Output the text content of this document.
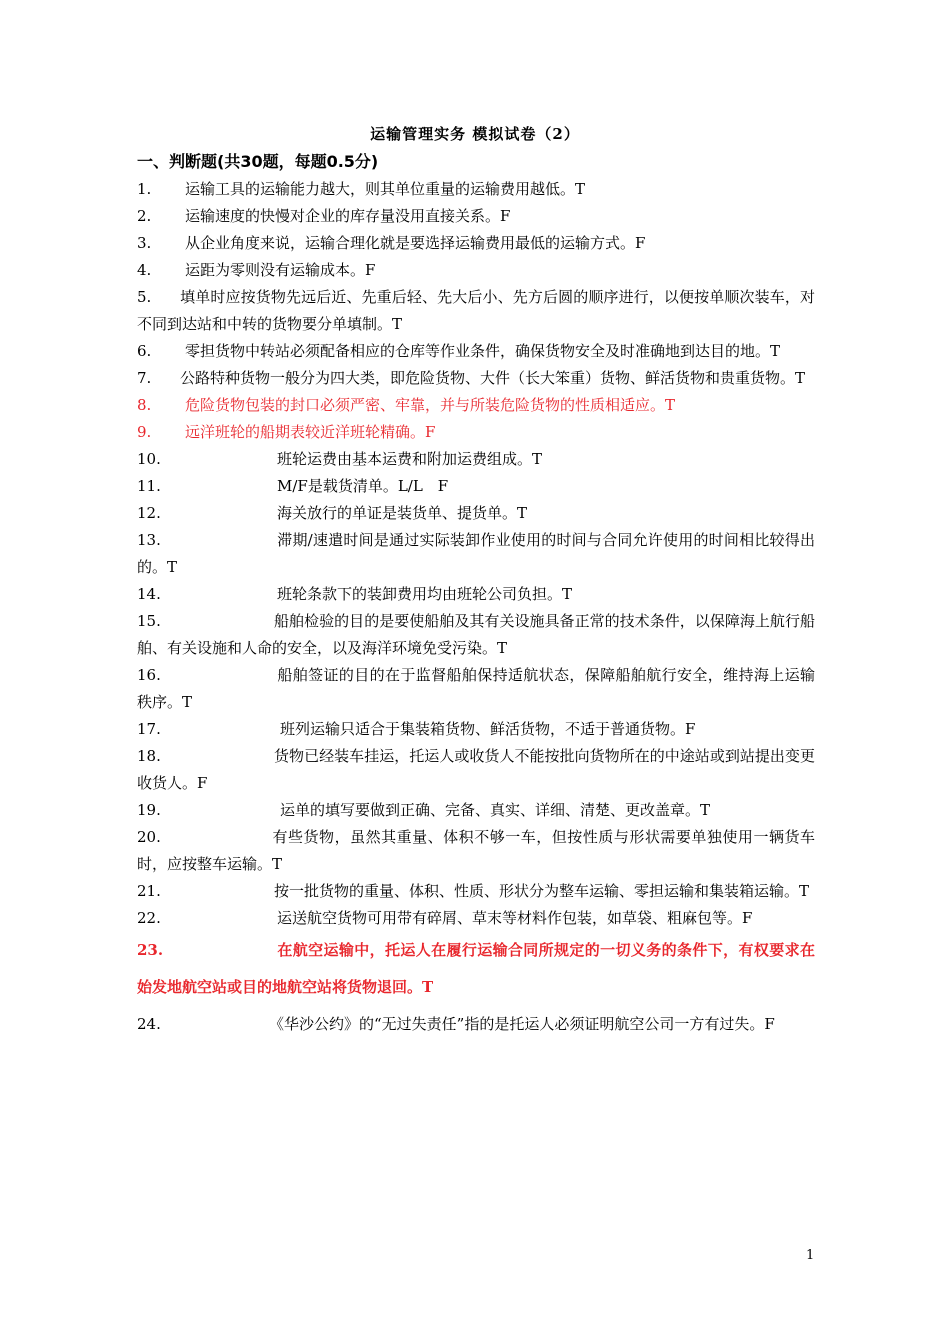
运输管理实务 模拟试卷（2）
一、判断题(共30题，每题0.5分)

1. 运输工具的运输能力越大，则其单位重量的运输费用越低。T

2. 运输速度的快慢对企业的库存量没用直接关系。F

3. 从企业角度来说，运输合理化就是要选择运输费用最低的运输方式。F

4. 运距为零则没有运输成本。F

5. 填单时应按货物先远后近、先重后轻、先大后小、先方后圆的顺序进行，以便按单顺次装车，对不同到达站和中转的货物要分单填制。T

6. 零担货物中转站必须配备相应的仓库等作业条件，确保货物安全及时准确地到达目的地。T

7. 公路特种货物一般分为四大类，即危险货物、大件（长大笨重）货物、鲜活货物和贵重货物。T

8. 危险货物包装的封口必须严密、牢靠，并与所装危险货物的性质相适应。T

9. 远洋班轮的船期表较近洋班轮精确。F

10.	班轮运费由基本运费和附加运费组成。T

11.	M/F是载货清单。L/L　F

12.	海关放行的单证是装货单、提货单。T

13.	滞期/速遣时间是通过实际装卸作业使用的时间与合同允许使用的时间相比较得出的。T

14.	班轮条款下的装卸费用均由班轮公司负担。T

15.	船舶检验的目的是要使船舶及其有关设施具备正常的技术条件，以保障海上航行船舶、有关设施和人命的安全，以及海洋环境免受污染。T

16.	船舶签证的目的在于监督船舶保持适航状态，保障船舶航行安全，维持海上运输秩序。T

17.	班列运输只适合于集装箱货物、鲜活货物，不适于普通货物。F

18.	货物已经装车挂运，托运人或收货人不能按批向货物所在的中途站或到站提出变更收货人。F

19.	运单的填写要做到正确、完备、真实、详细、清楚、更改盖章。T

20.	有些货物，虽然其重量、体积不够一车，但按性质与形状需要单独使用一辆货车时，应按整车运输。T

21.	按一批货物的重量、体积、性质、形状分为整车运输、零担运输和集装箱运输。T

22.	运送航空货物可用带有碎屑、草末等材料作包装，如草袋、粗麻包等。F

23.	在航空运输中，托运人在履行运输合同所规定的一切义务的条件下，有权要求在始发地航空站或目的地航空站将货物退回。T

24.	《华沙公约》的“无过失责任”指的是托运人必须证明航空公司一方有过失。F

1
